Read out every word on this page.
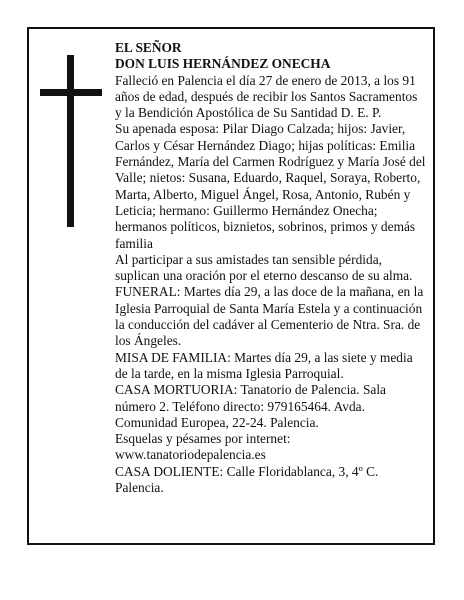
EL SEÑOR

DON LUIS HERNÁNDEZ ONECHA

Falleció en Palencia el día 27 de enero de 2013, a los 91 años de edad, después de recibir los Santos Sacramentos y la Bendición Apostólica de Su Santidad D. E. P.

Su apenada esposa: Pilar Diago Calzada; hijos: Javier, Carlos y César Hernández Diago; hijas políticas: Emilia Fernández, María del Carmen Rodríguez y María José del Valle; nietos: Susana, Eduardo, Raquel, Soraya, Roberto, Marta, Alberto, Miguel Ángel, Rosa, Antonio, Rubén y Leticia; hermano: Guillermo Hernández Onecha; hermanos políticos, biznietos, sobrinos, primos y demás familia

Al participar a sus amistades tan sensible pérdida, suplican una oración por el eterno descanso de su alma.

FUNERAL: Martes día 29, a las doce de la mañana, en la Iglesia Parroquial de Santa María Estela y a continuación la conducción del cadáver al Cementerio de Ntra. Sra. de los Ángeles.

MISA DE FAMILIA: Martes día 29, a las siete y media de la tarde, en la misma Iglesia Parroquial.

CASA MORTUORIA: Tanatorio de Palencia. Sala número 2. Teléfono directo: 979165464. Avda. Comunidad Europea, 22-24. Palencia.

Esquelas y pésames por internet: www.tanatoriodepalencia.es

CASA DOLIENTE: Calle Floridablanca, 3, 4º C. Palencia.
